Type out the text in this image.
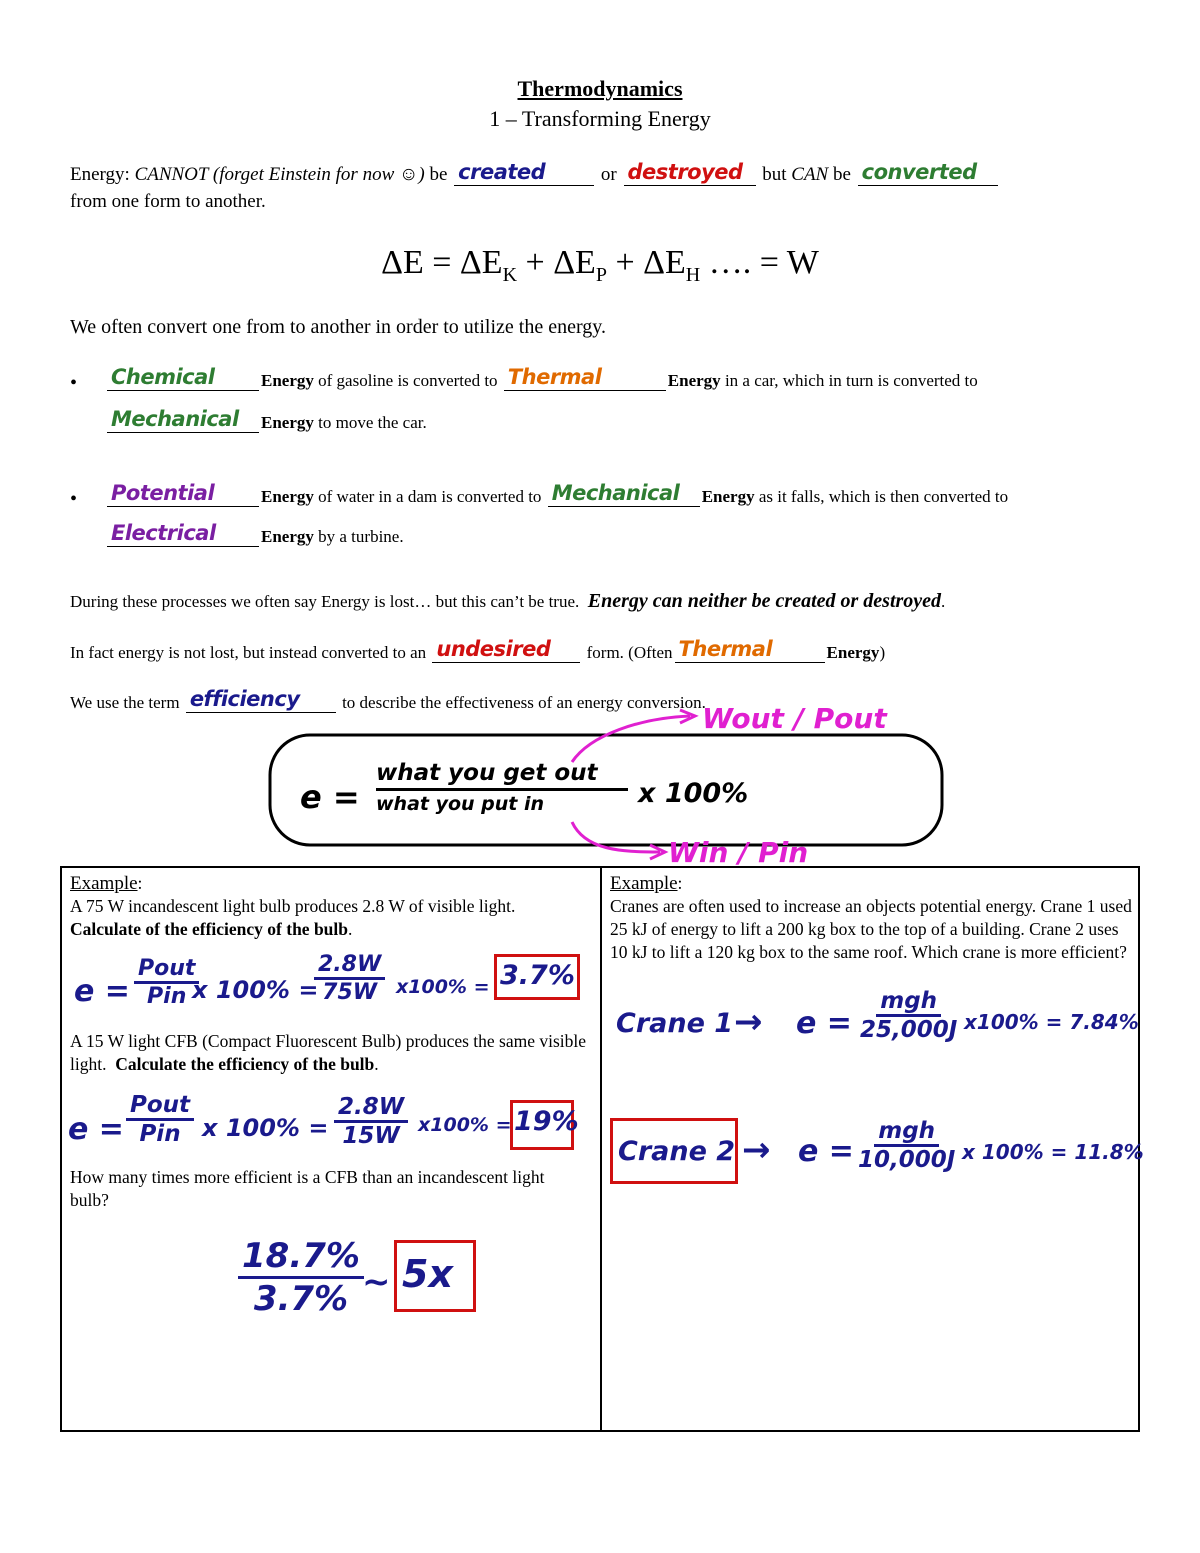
Thermodynamics
1 – Transforming Energy
Energy: CANNOT (forget Einstein for now ☺) be created	or destroyed but CAN be converted
from one form to another.
$\Delta E = \Delta E_K + \Delta E_P + \Delta E_H$ …. = W
We often convert one from to another in order to utilize the energy.
• Chemical	Energy of gasoline is converted to Thermal	Energy in a car, which in turn is converted to
Mechanical Energy to move the car.
• Potential	Energy of water in a dam is converted to Mechanical Energy as it falls, which is then converted to
Electrical	Energy by a turbine.
During these processes we often say Energy is lost… but this can’t be true. Energy can neither be created or destroyed.
In fact energy is not lost, but instead converted to an undesired form. (Often Thermal	Energy)
We use the term efficiency to describe the effectiveness of an energy conversion.
Wout / Pout
Win / Pin
e =
what you get out
what you put in	x 100%
Example:
A 75 W incandescent light bulb produces 2.8 W of visible light.
Calculate of the efficiency of the bulb.
$e = \frac{\text{Pout}}{\text{Pin}}$
x 100% =
$\frac{2.8W}{75W} x100\% = 3.7\%$
A 15 W light CFB (Compact Fluorescent Bulb) produces the same visible light. Calculate the efficiency of the bulb.
$e = \frac{\text{Pout}}{\text{Pin}}$ x $100\% = \frac{2.8W}{15W} x100\% = 19\%$
How many times more efficient is a CFB than an incandescent light bulb?
$\frac{18.7\%}{3.7\%}$
~ 5x
Example:
Cranes are often used to increase an objects potential energy. Crane 1 used 25 kJ of energy to lift a 200 kg box to the top of a building. Crane 2 uses 10 kJ to lift a 120 kg box to the same roof. Which crane is more efficient?
Crane $1 \to e = \frac{\text{mgh}}{25,000J} x100\% = 7.84\%$
Crane $2 \to e = \frac{\text{mgh}}{10,000J}$ x 100% = 11.8%
